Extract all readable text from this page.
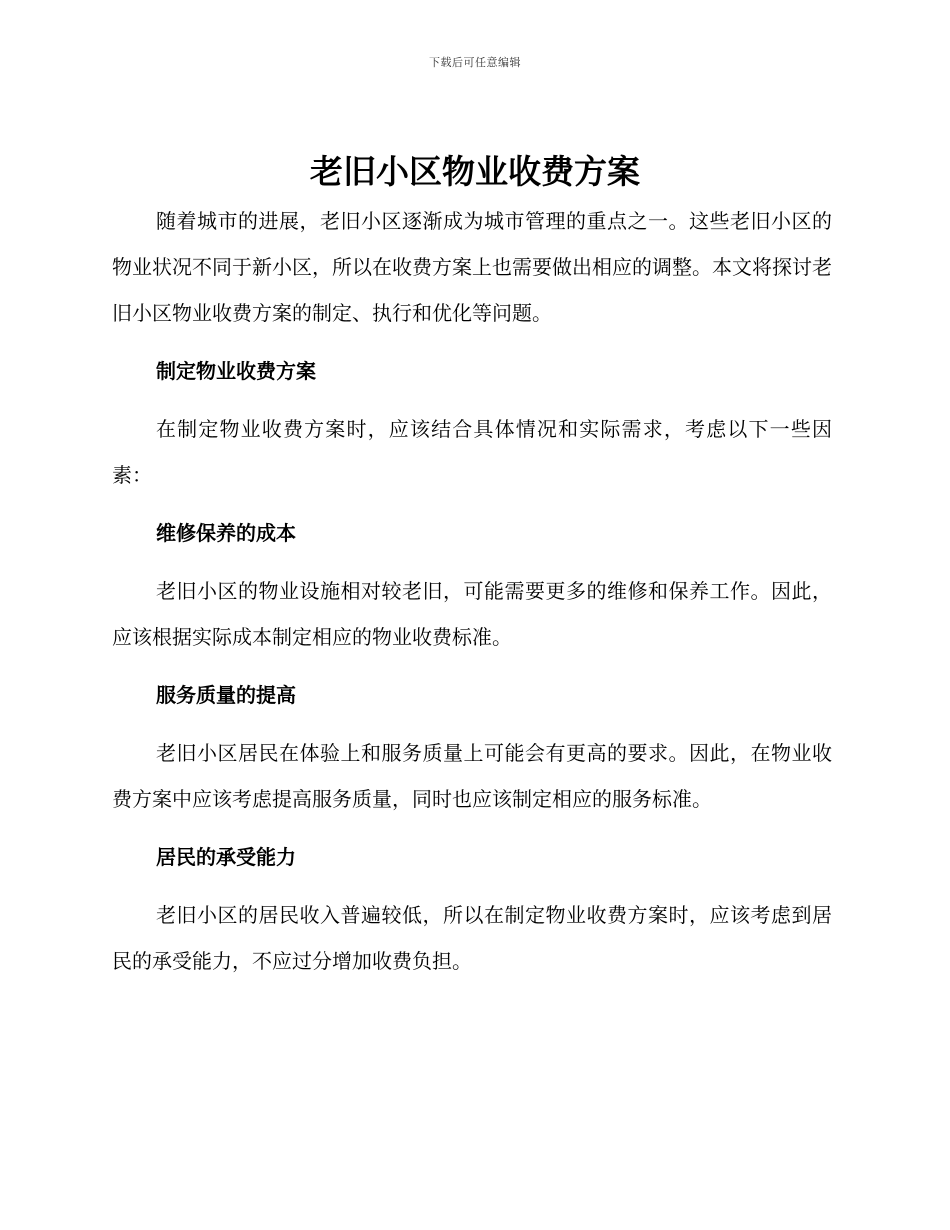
下载后可任意编辑
老旧小区物业收费方案

随着城市的进展，老旧小区逐渐成为城市管理的重点之一。这些老旧小区的物业状况不同于新小区，所以在收费方案上也需要做出相应的调整。本文将探讨老旧小区物业收费方案的制定、执行和优化等问题。

制定物业收费方案

在制定物业收费方案时，应该结合具体情况和实际需求，考虑以下一些因素：

维修保养的成本

老旧小区的物业设施相对较老旧，可能需要更多的维修和保养工作。因此，应该根据实际成本制定相应的物业收费标准。

服务质量的提高

老旧小区居民在体验上和服务质量上可能会有更高的要求。因此，在物业收费方案中应该考虑提高服务质量，同时也应该制定相应的服务标准。

居民的承受能力

老旧小区的居民收入普遍较低，所以在制定物业收费方案时，应该考虑到居民的承受能力，不应过分增加收费负担。
